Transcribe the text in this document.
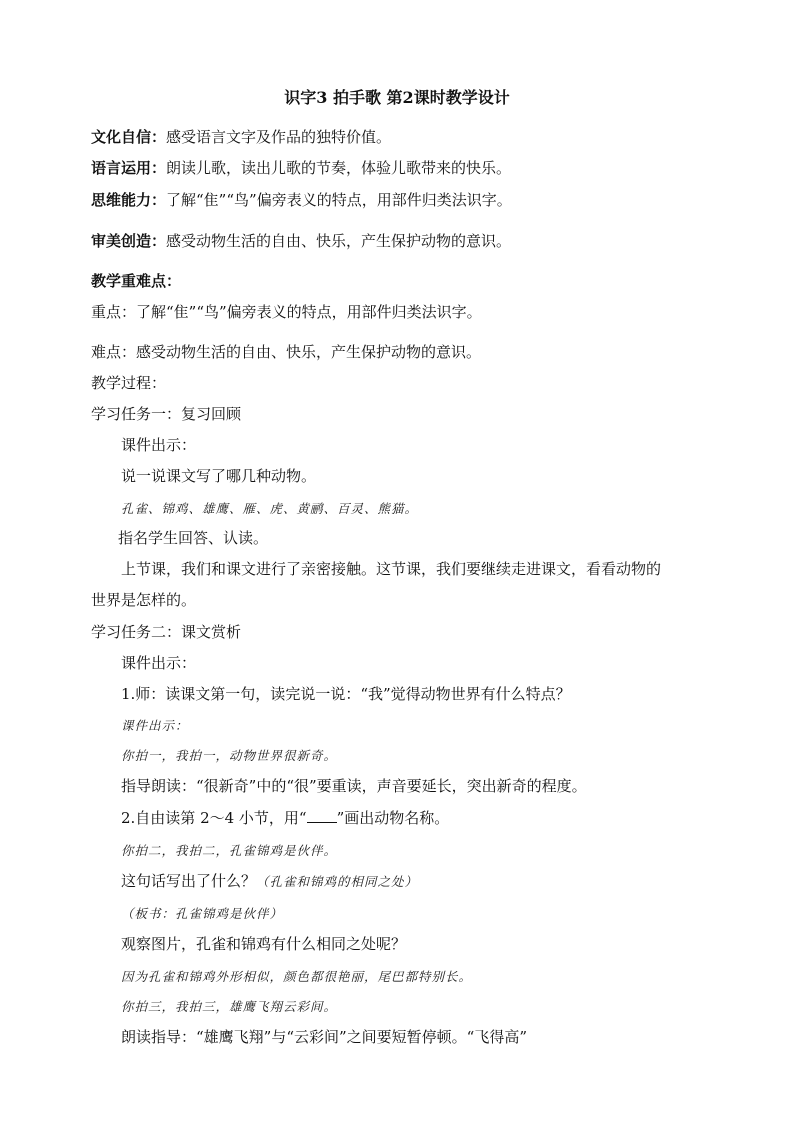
识字3 拍手歌 第2课时教学设计
文化自信：感受语言文字及作品的独特价值。
语言运用：朗读儿歌，读出儿歌的节奏，体验儿歌带来的快乐。
思维能力：了解“隹”“鸟”偏旁表义的特点，用部件归类法识字。
审美创造：感受动物生活的自由、快乐，产生保护动物的意识。
教学重难点：
重点：了解“隹”“鸟”偏旁表义的特点，用部件归类法识字。
难点：感受动物生活的自由、快乐，产生保护动物的意识。
教学过程：
学习任务一：复习回顾
课件出示：
说一说课文写了哪几种动物。
孔雀、锦鸡、雄鹰、雁、虎、黄鹂、百灵、熊猫。
指名学生回答、认读。
上节课，我们和课文进行了亲密接触。这节课，我们要继续走进课文，看看动物的
世界是怎样的。
学习任务二：课文赏析
课件出示：
1.师：读课文第一句，读完说一说：“我”觉得动物世界有什么特点？
课件出示：
你拍一，我拍一，动物世界很新奇。
指导朗读：“很新奇”中的“很”要重读，声音要延长，突出新奇的程度。
2.自由读第 2～4 小节，用“ ”画出动物名称。
你拍二，我拍二，孔雀锦鸡是伙伴。
这句话写出了什么？（孔雀和锦鸡的相同之处）
（板书：孔雀锦鸡是伙伴）
观察图片，孔雀和锦鸡有什么相同之处呢？
因为孔雀和锦鸡外形相似，颜色都很艳丽，尾巴都特别长。
你拍三，我拍三，雄鹰飞翔云彩间。
朗读指导：“雄鹰飞翔”与“云彩间”之间要短暂停顿。“飞得高”
